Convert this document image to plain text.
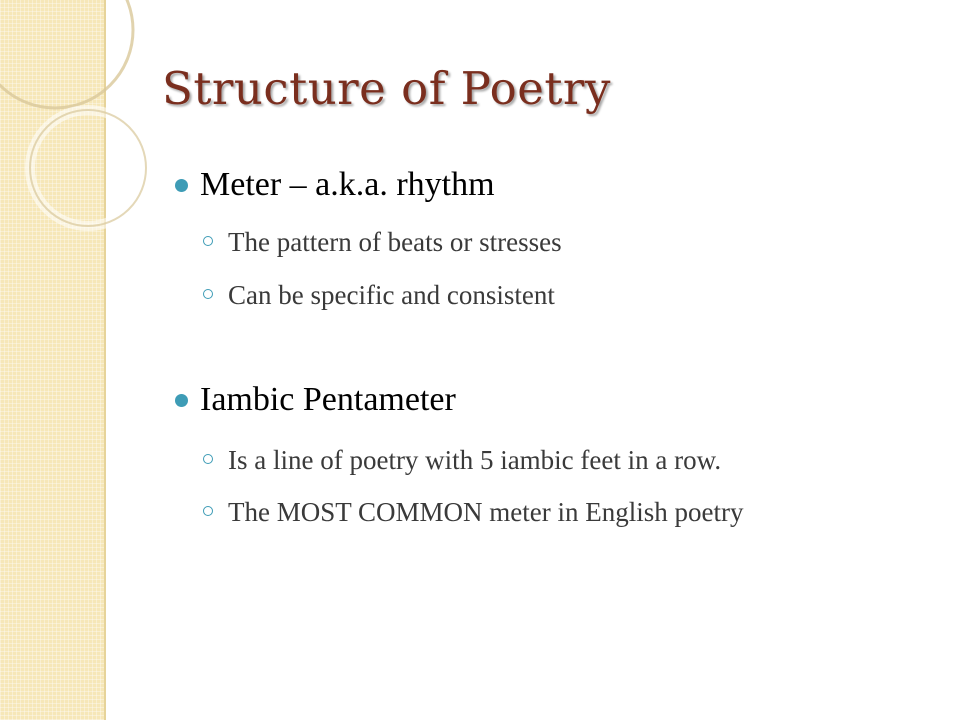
Structure of Poetry
Meter – a.k.a. rhythm
The pattern of beats or stresses
Can be specific and consistent
Iambic Pentameter
Is a line of poetry with 5 iambic feet in a row.
The MOST COMMON meter in English poetry
